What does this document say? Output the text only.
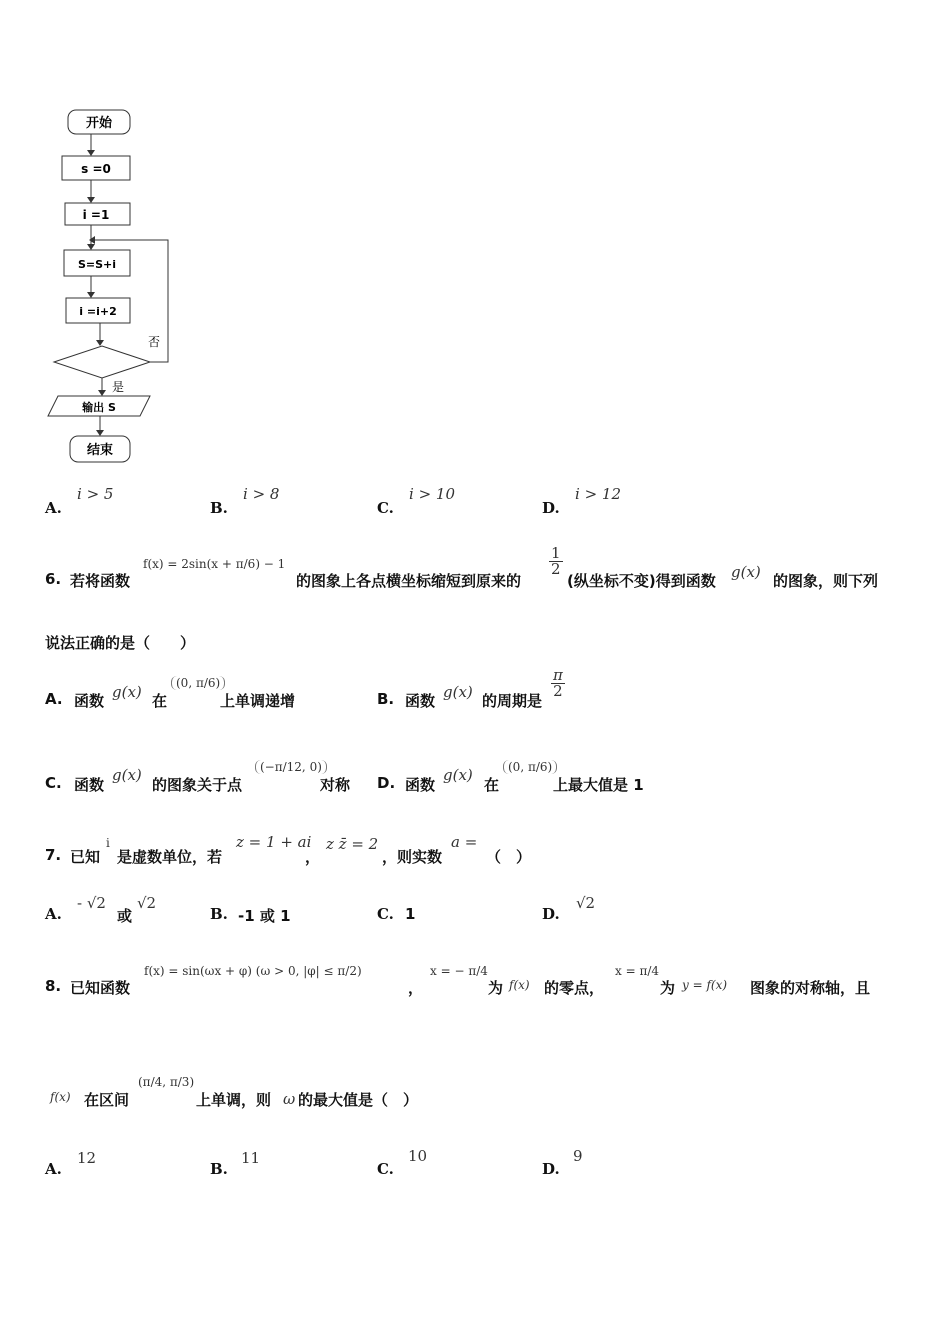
开始
s =0
i =1
S=S+i
i =i+2
否
是
输出 S
结束
A.
i > 5
B.
i > 8
C.
i > 10
D.
i > 12
6. 若将函数
f(x) = 2sin(x + π/6) − 1
的图象上各点横坐标缩短到原来的
$\frac{1}{2}$
(纵坐标不变)得到函数 g(x) 的图象，则下列
说法正确的是（　　）
A. 函数 g(x) 在
(0, π/6)
上单调递增	B. 函数 g(x) 的周期是
$\frac{\pi}{2}$
C. 函数
g(x)
的图象关于点
(−π/12, 0)
对称 D. 函数
g(x)
在
(0, π/6)
上最大值是 1
7. 已知
i
是虚数单位，若
z = 1 + ai
，
z z̄ = 2
，则实数
a =
（　）
A.
- √2
或
√2
B. -1 或 1	C. 1	D.
√2
8. 已知函数
f(x) = sin(ωx + φ) (ω > 0, |φ| ≤ π/2)
，
x = − π/4
为 f(x) 的零点，
x = π/4
为 y = f(x) 图象的对称轴，且
f(x) 在区间
(π/4, π/3)
上单调，则 ω 的最大值是（　）
A.
12
B.
11
C.
10
D.
9
